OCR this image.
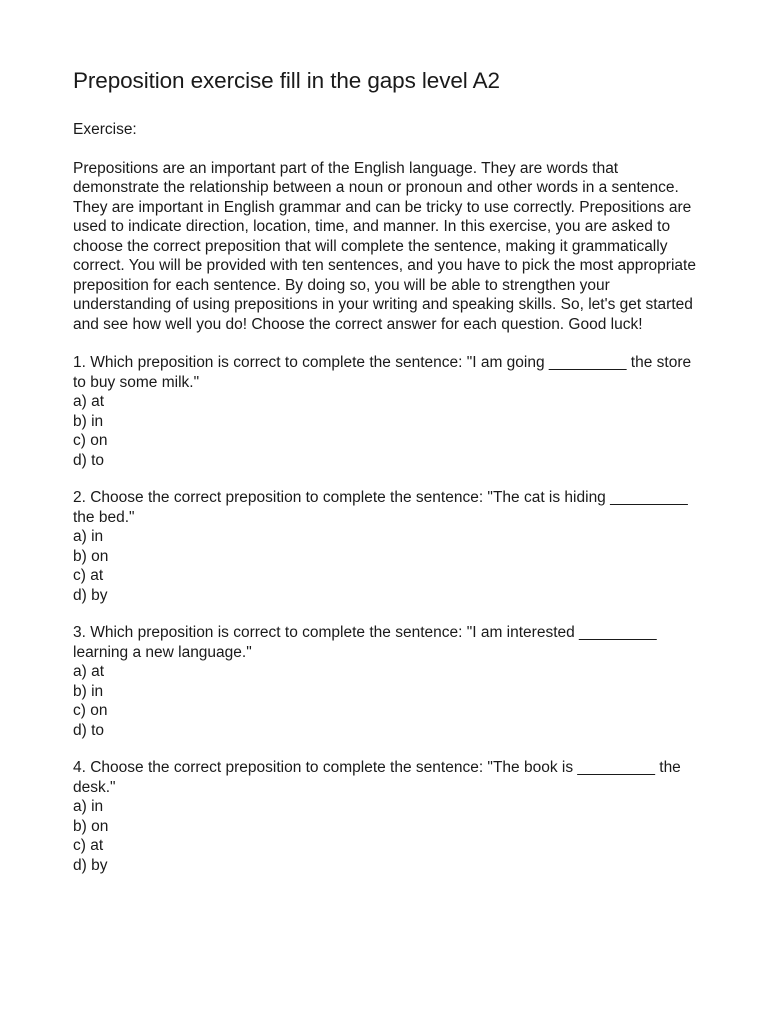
Preposition exercise fill in the gaps level A2
Exercise:

Prepositions are an important part of the English language. They are words that demonstrate the relationship between a noun or pronoun and other words in a sentence. They are important in English grammar and can be tricky to use correctly. Prepositions are used to indicate direction, location, time, and manner. In this exercise, you are asked to choose the correct preposition that will complete the sentence, making it grammatically correct. You will be provided with ten sentences, and you have to pick the most appropriate preposition for each sentence. By doing so, you will be able to strengthen your understanding of using prepositions in your writing and speaking skills. So, let's get started and see how well you do! Choose the correct answer for each question. Good luck!

1. Which preposition is correct to complete the sentence: "I am going _________ the store to buy some milk."

a) at
b) in
c) on
d) to

2. Choose the correct preposition to complete the sentence: "The cat is hiding _________ the bed."

a) in
b) on
c) at
d) by

3. Which preposition is correct to complete the sentence: "I am interested _________ learning a new language."

a) at
b) in
c) on
d) to

4. Choose the correct preposition to complete the sentence: "The book is _________ the desk."

a) in
b) on
c) at
d) by
